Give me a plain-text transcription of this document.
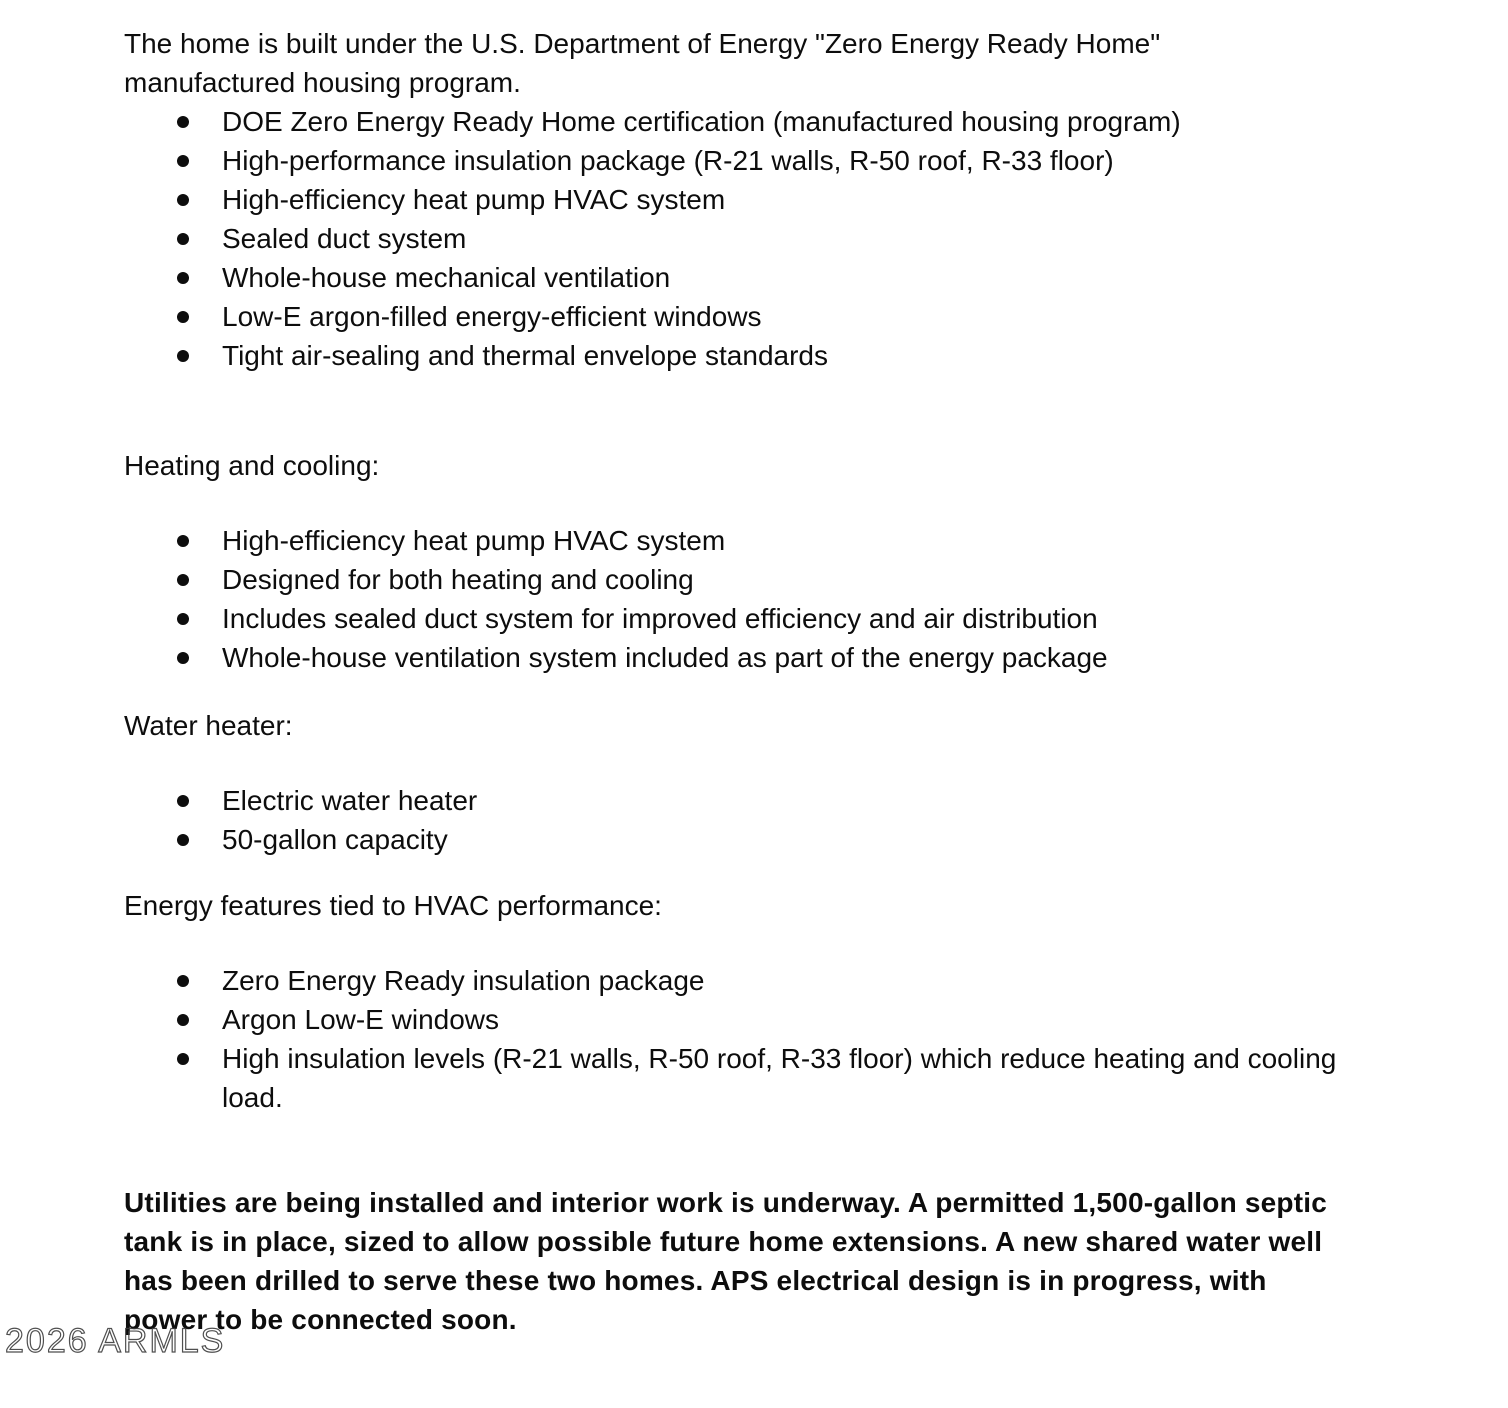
The home is built under the U.S. Department of Energy "Zero Energy Ready Home"
manufactured housing program.

DOE Zero Energy Ready Home certification (manufactured housing program)
High-performance insulation package (R-21 walls, R-50 roof, R-33 floor)
High-efficiency heat pump HVAC system
Sealed duct system
Whole-house mechanical ventilation
Low-E argon-filled energy-efficient windows
Tight air-sealing and thermal envelope standards

Heating and cooling:

High-efficiency heat pump HVAC system
Designed for both heating and cooling
Includes sealed duct system for improved efficiency and air distribution
Whole-house ventilation system included as part of the energy package

Water heater:

Electric water heater
50-gallon capacity

Energy features tied to HVAC performance:

Zero Energy Ready insulation package
Argon Low-E windows
High insulation levels (R-21 walls, R-50 roof, R-33 floor) which reduce heating and cooling load.

Utilities are being installed and interior work is underway. A permitted 1,500-gallon septic
tank is in place, sized to allow possible future home extensions. A new shared water well
has been drilled to serve these two homes. APS electrical design is in progress, with
power to be connected soon.

2026 ARMLS
